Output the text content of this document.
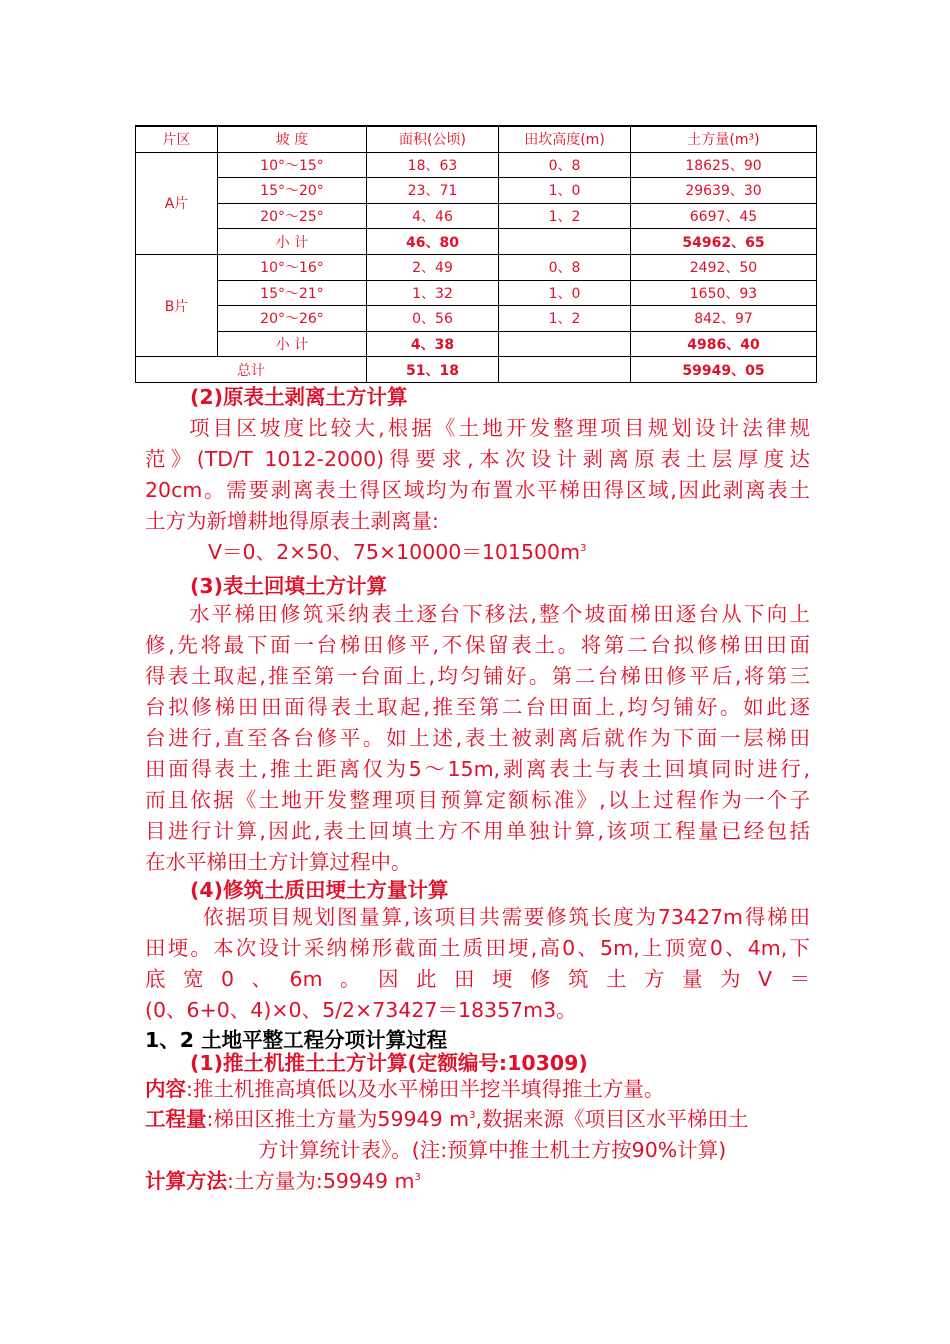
片区	坡 度	面积(公顷)	田坎高度(m)	土方量(m³)
A片	10°～15°	18、63	0、8	18625、90
	15°～20°	23、71	1、0	29639、30
	20°～25°	4、46	1、2	6697、45
	小 计	46、80		54962、65
B片	10°～16°	2、49	0、8	2492、50
	15°～21°	1、32	1、0	1650、93
	20°～26°	0、56	1、2	842、97
	小 计	4、38		4986、40
总计		51、18		59949、05
(2)原表土剥离土方计算
项目区坡度比较大,根据《土地开发整理项目规划设计法律规
范》(TD/T 1012-2000)得要求,本次设计剥离原表土层厚度达
20cm。需要剥离表土得区域均为布置水平梯田得区域,因此剥离表土
土方为新增耕地得原表土剥离量:
V＝0、2×50、$75\times 10000=101500m^3$
(3)表土回填土方计算
水平梯田修筑采纳表土逐台下移法,整个坡面梯田逐台从下向上
修,先将最下面一台梯田修平,不保留表土。将第二台拟修梯田田面
得表土取起,推至第一台面上,均匀铺好。第二台梯田修平后,将第三
台拟修梯田田面得表土取起,推至第二台田面上,均匀铺好。如此逐
台进行,直至各台修平。如上述,表土被剥离后就作为下面一层梯田
田面得表土,推土距离仅为5～15m,剥离表土与表土回填同时进行,
而且依据《土地开发整理项目预算定额标准》,以上过程作为一个子
目进行计算,因此,表土回填土方不用单独计算,该项工程量已经包括
在水平梯田土方计算过程中。
(4)修筑土质田埂土方量计算
依据项目规划图量算,该项目共需要修筑长度为73427m得梯田
田埂。本次设计采纳梯形截面土质田埂,高0、5m,上顶宽0、4m,下
底宽0、6m。因此田埂修筑土方量为V＝
(0、6+0、4)×0、5/2×73427＝18357m3。
1、2 土地平整工程分项计算过程
(1)推土机推土土方计算(定额编号:10309)
内容:推土机推高填低以及水平梯田半挖半填得推土方量。
工程量:梯田区推土方量为59949 $m^3$,数据来源《项目区水平梯田土
方计算统计表》。(注:预算中推土机土方按90%计算)
计算方法:土方量为:59949 $m^3$
